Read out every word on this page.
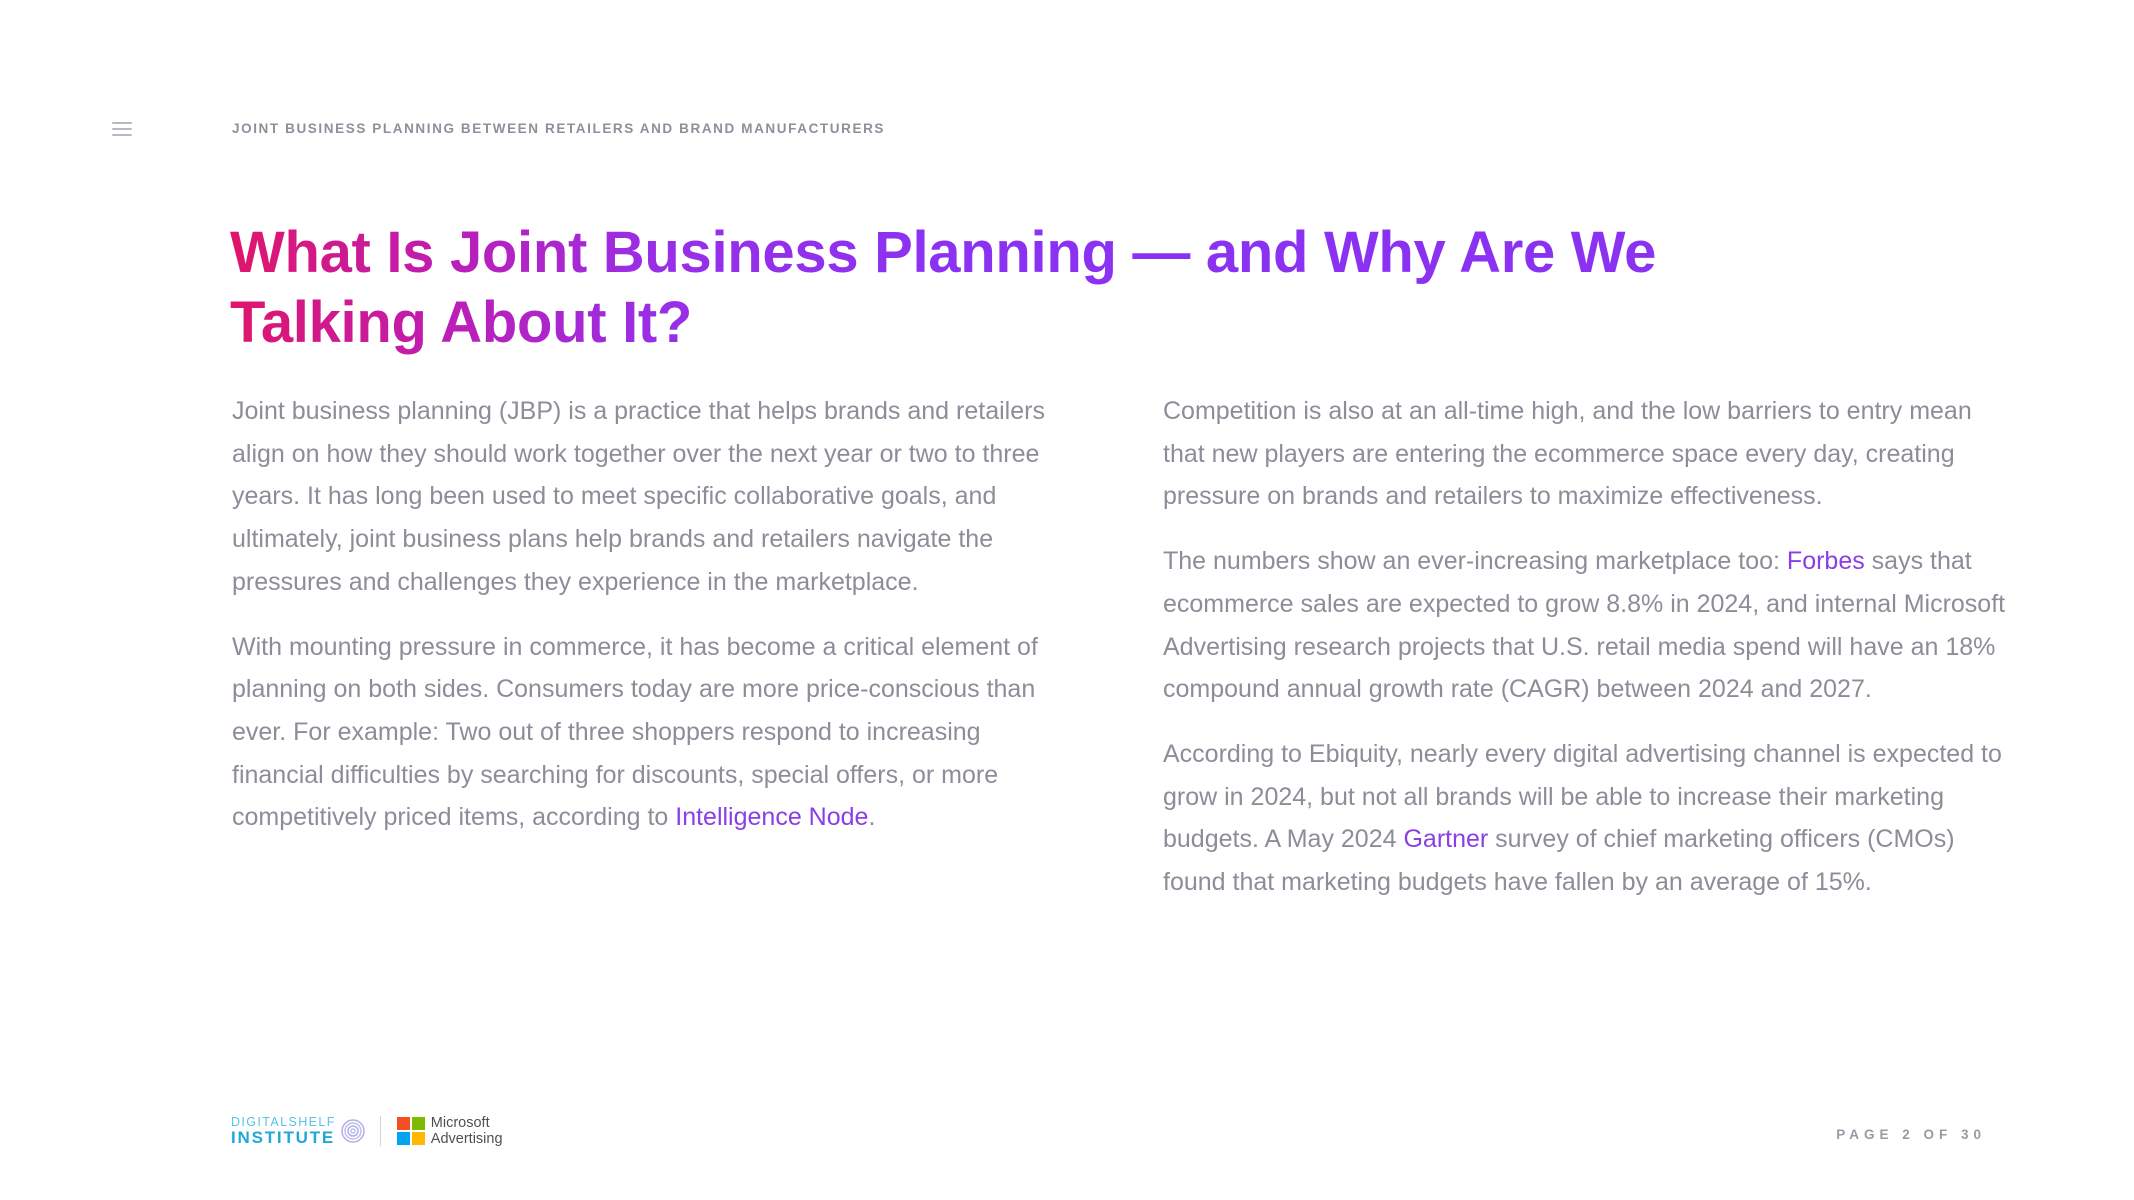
JOINT BUSINESS PLANNING BETWEEN RETAILERS AND BRAND MANUFACTURERS
What Is Joint Business Planning — and Why Are We
Talking About It?

Joint business planning (JBP) is a practice that helps brands and retailers align on how they should work together over the next year or two to three years. It has long been used to meet specific collaborative goals, and ultimately, joint business plans help brands and retailers navigate the pressures and challenges they experience in the marketplace.

With mounting pressure in commerce, it has become a critical element of planning on both sides. Consumers today are more price-conscious than ever. For example: Two out of three shoppers respond to increasing financial difficulties by searching for discounts, special offers, or more competitively priced items, according to Intelligence Node.

Competition is also at an all-time high, and the low barriers to entry mean that new players are entering the ecommerce space every day, creating pressure on brands and retailers to maximize effectiveness.

The numbers show an ever-increasing marketplace too: Forbes says that ecommerce sales are expected to grow 8.8% in 2024, and internal Microsoft Advertising research projects that U.S. retail media spend will have an 18% compound annual growth rate (CAGR) between 2024 and 2027.

According to Ebiquity, nearly every digital advertising channel is expected to grow in 2024, but not all brands will be able to increase their marketing budgets. A May 2024 Gartner survey of chief marketing officers (CMOs) found that marketing budgets have fallen by an average of 15%.

DIGITALSHELF
INSTITUTE
Microsoft
Advertising	PAGE 2 OF 30
